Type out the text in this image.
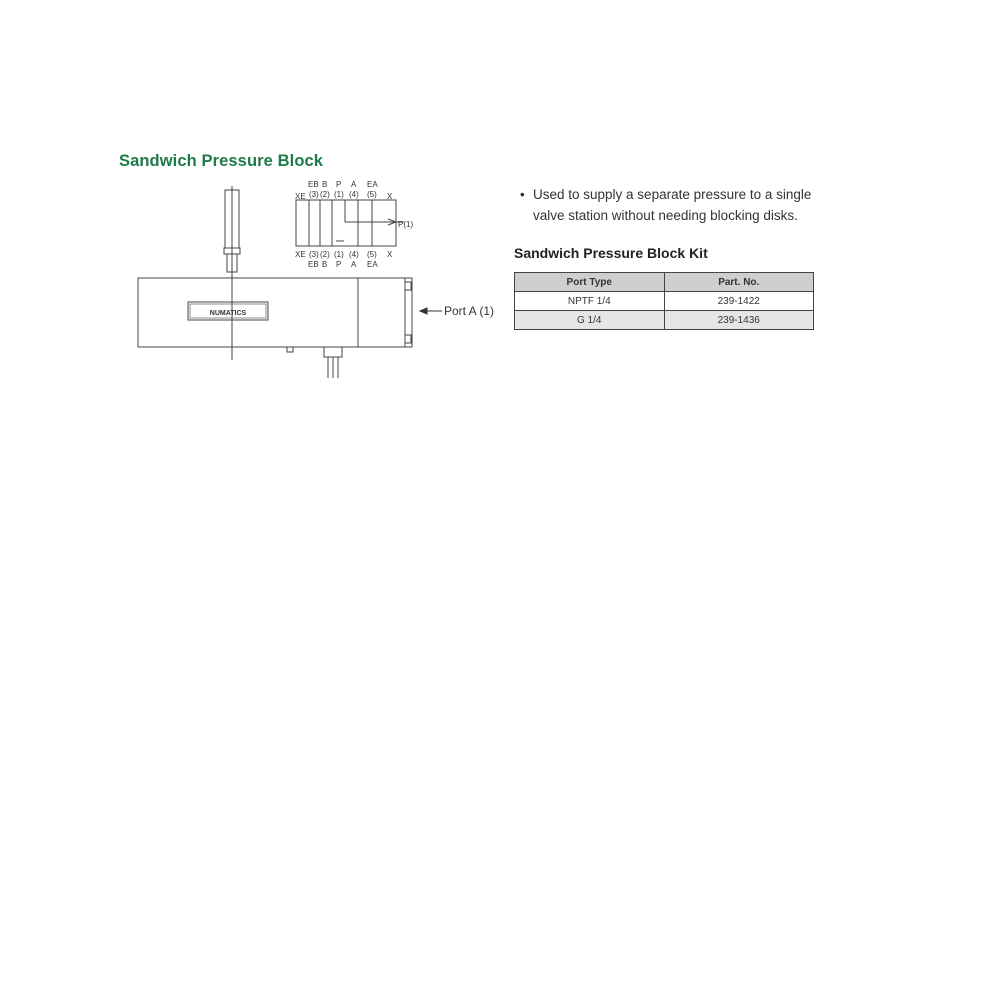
Sandwich Pressure Block
XE
EB B P A EA
X
(3) (2) (1) (4) (5)
P(1)
XE (3) (2) (1) (4) (5) X
EB B P A EA
NUMATICS	Port A (1)
• Used to supply a separate pressure to a single valve station without needing blocking disks.
Sandwich Pressure Block Kit
Port Type	Part. No.
NPTF 1/4	239-1422
G 1/4	239-1436
